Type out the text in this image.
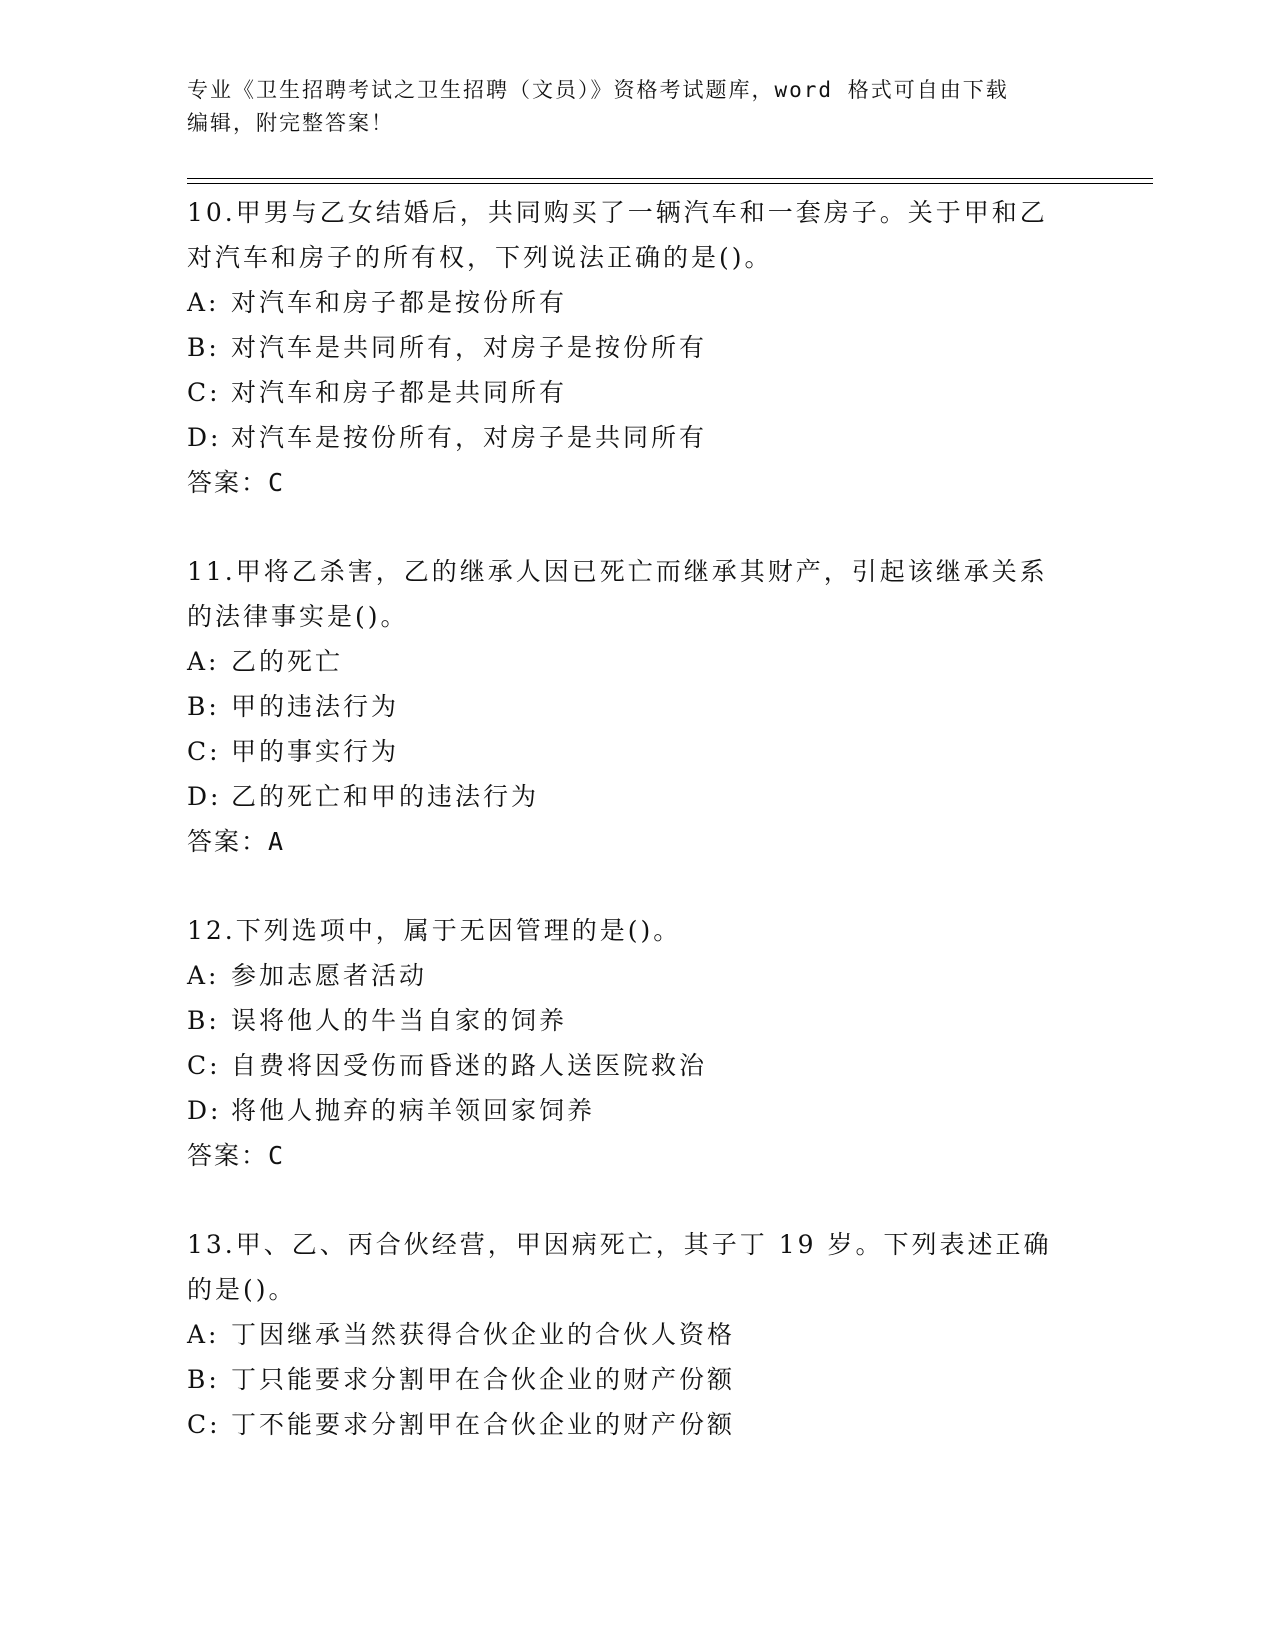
专业《卫生招聘考试之卫生招聘（文员）》资格考试题库，word 格式可自由下载
编辑，附完整答案！

10.甲男与乙女结婚后，共同购买了一辆汽车和一套房子。关于甲和乙
对汽车和房子的所有权，下列说法正确的是()。

A: 对汽车和房子都是按份所有

B: 对汽车是共同所有，对房子是按份所有

C: 对汽车和房子都是共同所有

D: 对汽车是按份所有，对房子是共同所有

答案：C

11.甲将乙杀害，乙的继承人因已死亡而继承其财产，引起该继承关系
的法律事实是()。

A: 乙的死亡

B: 甲的违法行为

C: 甲的事实行为

D: 乙的死亡和甲的违法行为

答案：A

12.下列选项中，属于无因管理的是()。

A: 参加志愿者活动

B: 误将他人的牛当自家的饲养

C: 自费将因受伤而昏迷的路人送医院救治

D: 将他人抛弃的病羊领回家饲养

答案：C

13.甲、乙、丙合伙经营，甲因病死亡，其子丁 19 岁。下列表述正确
的是()。

A: 丁因继承当然获得合伙企业的合伙人资格

B: 丁只能要求分割甲在合伙企业的财产份额

C: 丁不能要求分割甲在合伙企业的财产份额
